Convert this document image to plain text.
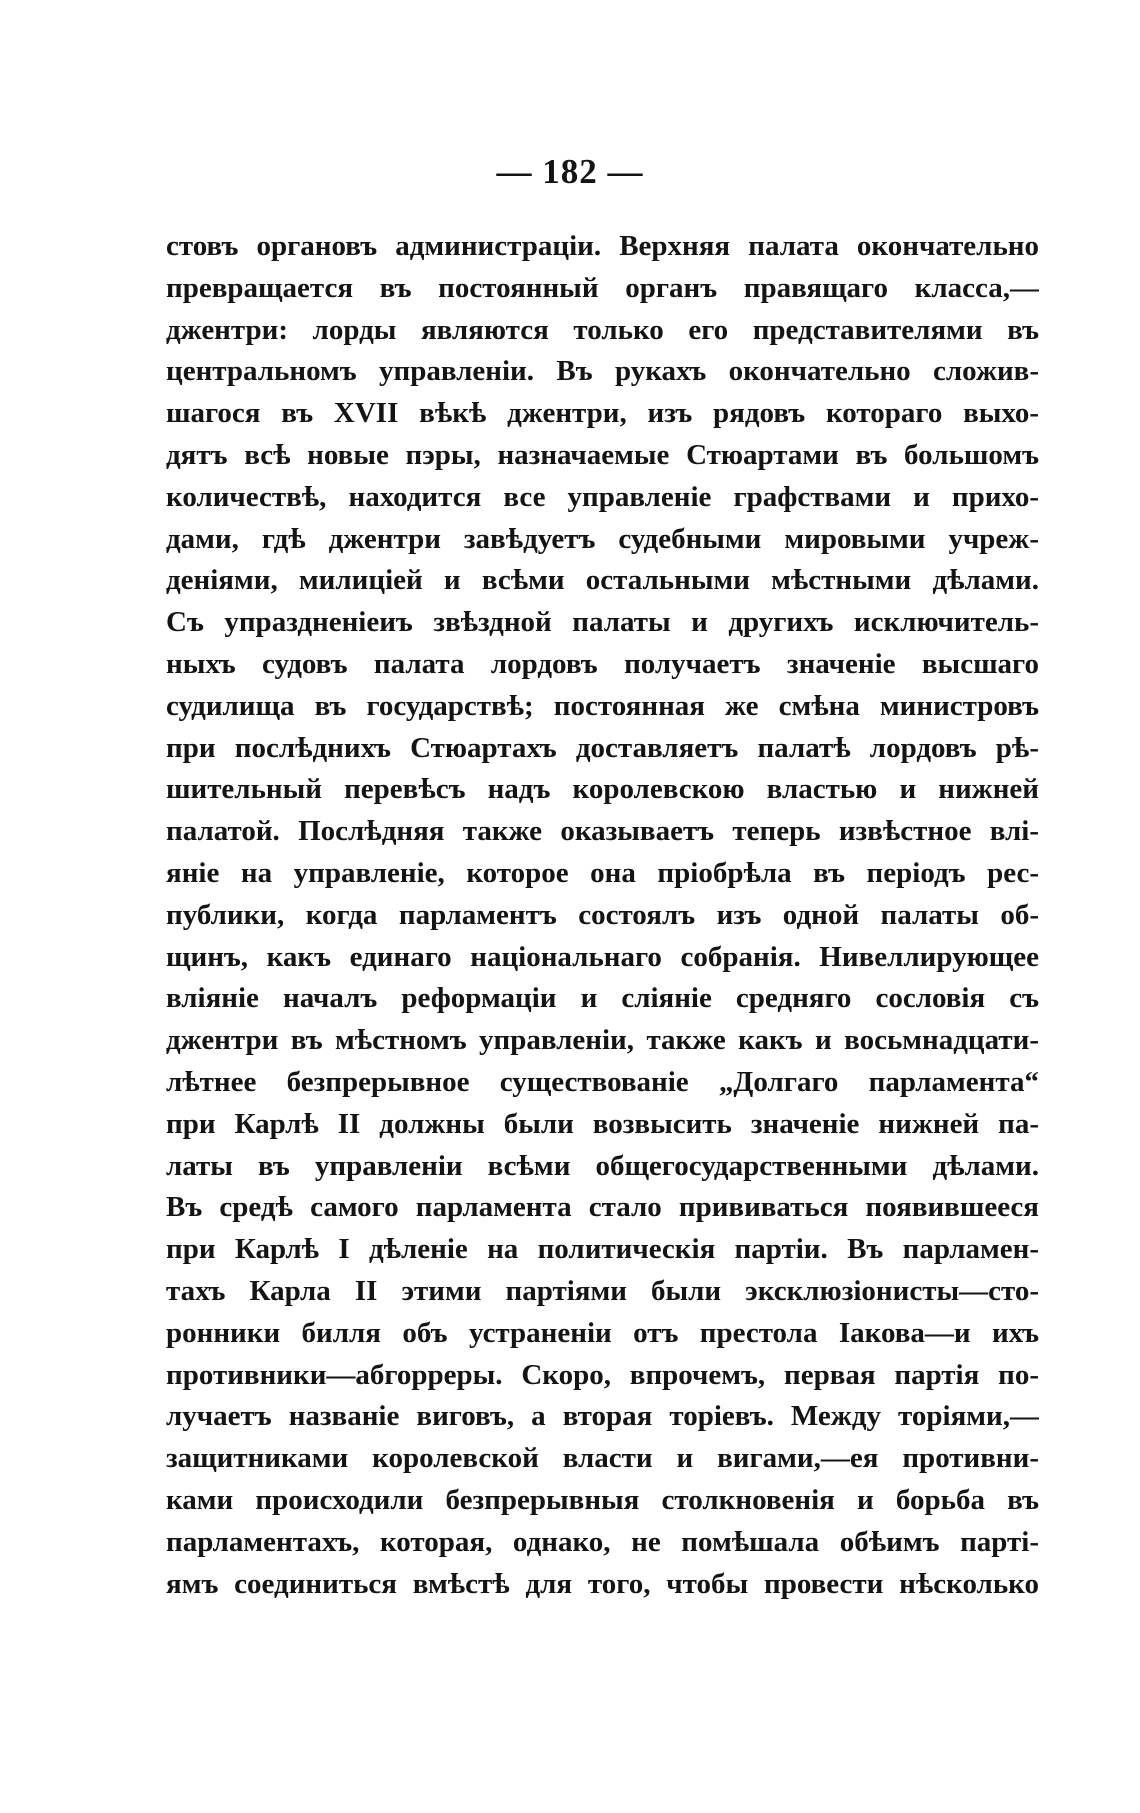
— 182 —
стовъ органовъ администраціи. Верхняя палата окончательно
превращается въ постоянный органъ правящаго класса,—
джентри: лорды являются только его представителями въ
центральномъ управленіи. Въ рукахъ окончательно сложив-
шагося въ XVII вѣкѣ джентри, изъ рядовъ котораго выхо-
дятъ всѣ новые пэры, назначаемые Стюартами въ большомъ
количествѣ, находится все управленіе графствами и прихо-
дами, гдѣ джентри завѣдуетъ судебными мировыми учреж-
деніями, милиціей и всѣми остальными мѣстными дѣлами.
Съ упраздненіеиъ звѣздной палаты и другихъ исключитель-
ныхъ судовъ палата лордовъ получаетъ значеніе высшаго
судилища въ государствѣ; постоянная же смѣна министровъ
при послѣднихъ Стюартахъ доставляетъ палатѣ лордовъ рѣ-
шительный перевѣсъ надъ королевскою властью и нижней
палатой. Послѣдняя также оказываетъ теперь извѣстное влі-
яніе на управленіе, которое она пріобрѣла въ періодъ рес-
публики, когда парламентъ состоялъ изъ одной палаты об-
щинъ, какъ единаго національнаго собранія. Нивеллирующее
вліяніе началъ реформаціи и сліяніе средняго сословія съ
джентри въ мѣстномъ управленіи, также какъ и восьмнадцати-
лѣтнее безпрерывное существованіе „Долгаго парламента“
при Карлѣ II должны были возвысить значеніе нижней па-
латы въ управленіи всѣми общегосударственными дѣлами.
Въ средѣ самого парламента стало прививаться появившееся
при Карлѣ I дѣленіе на политическія партіи. Въ парламен-
тахъ Карла II этими партіями были эксклюзіонисты—сто-
ронники билля объ устраненіи отъ престола Іакова—и ихъ
противники—абгорреры. Скоро, впрочемъ, первая партія по-
лучаетъ названіе виговъ, а вторая торіевъ. Между торіями,—
защитниками королевской власти и вигами,—ея противни-
ками происходили безпрерывныя столкновенія и борьба въ
парламентахъ, которая, однако, не помѣшала обѣимъ парті-
ямъ соединиться вмѣстѣ для того, чтобы провести нѣсколько
